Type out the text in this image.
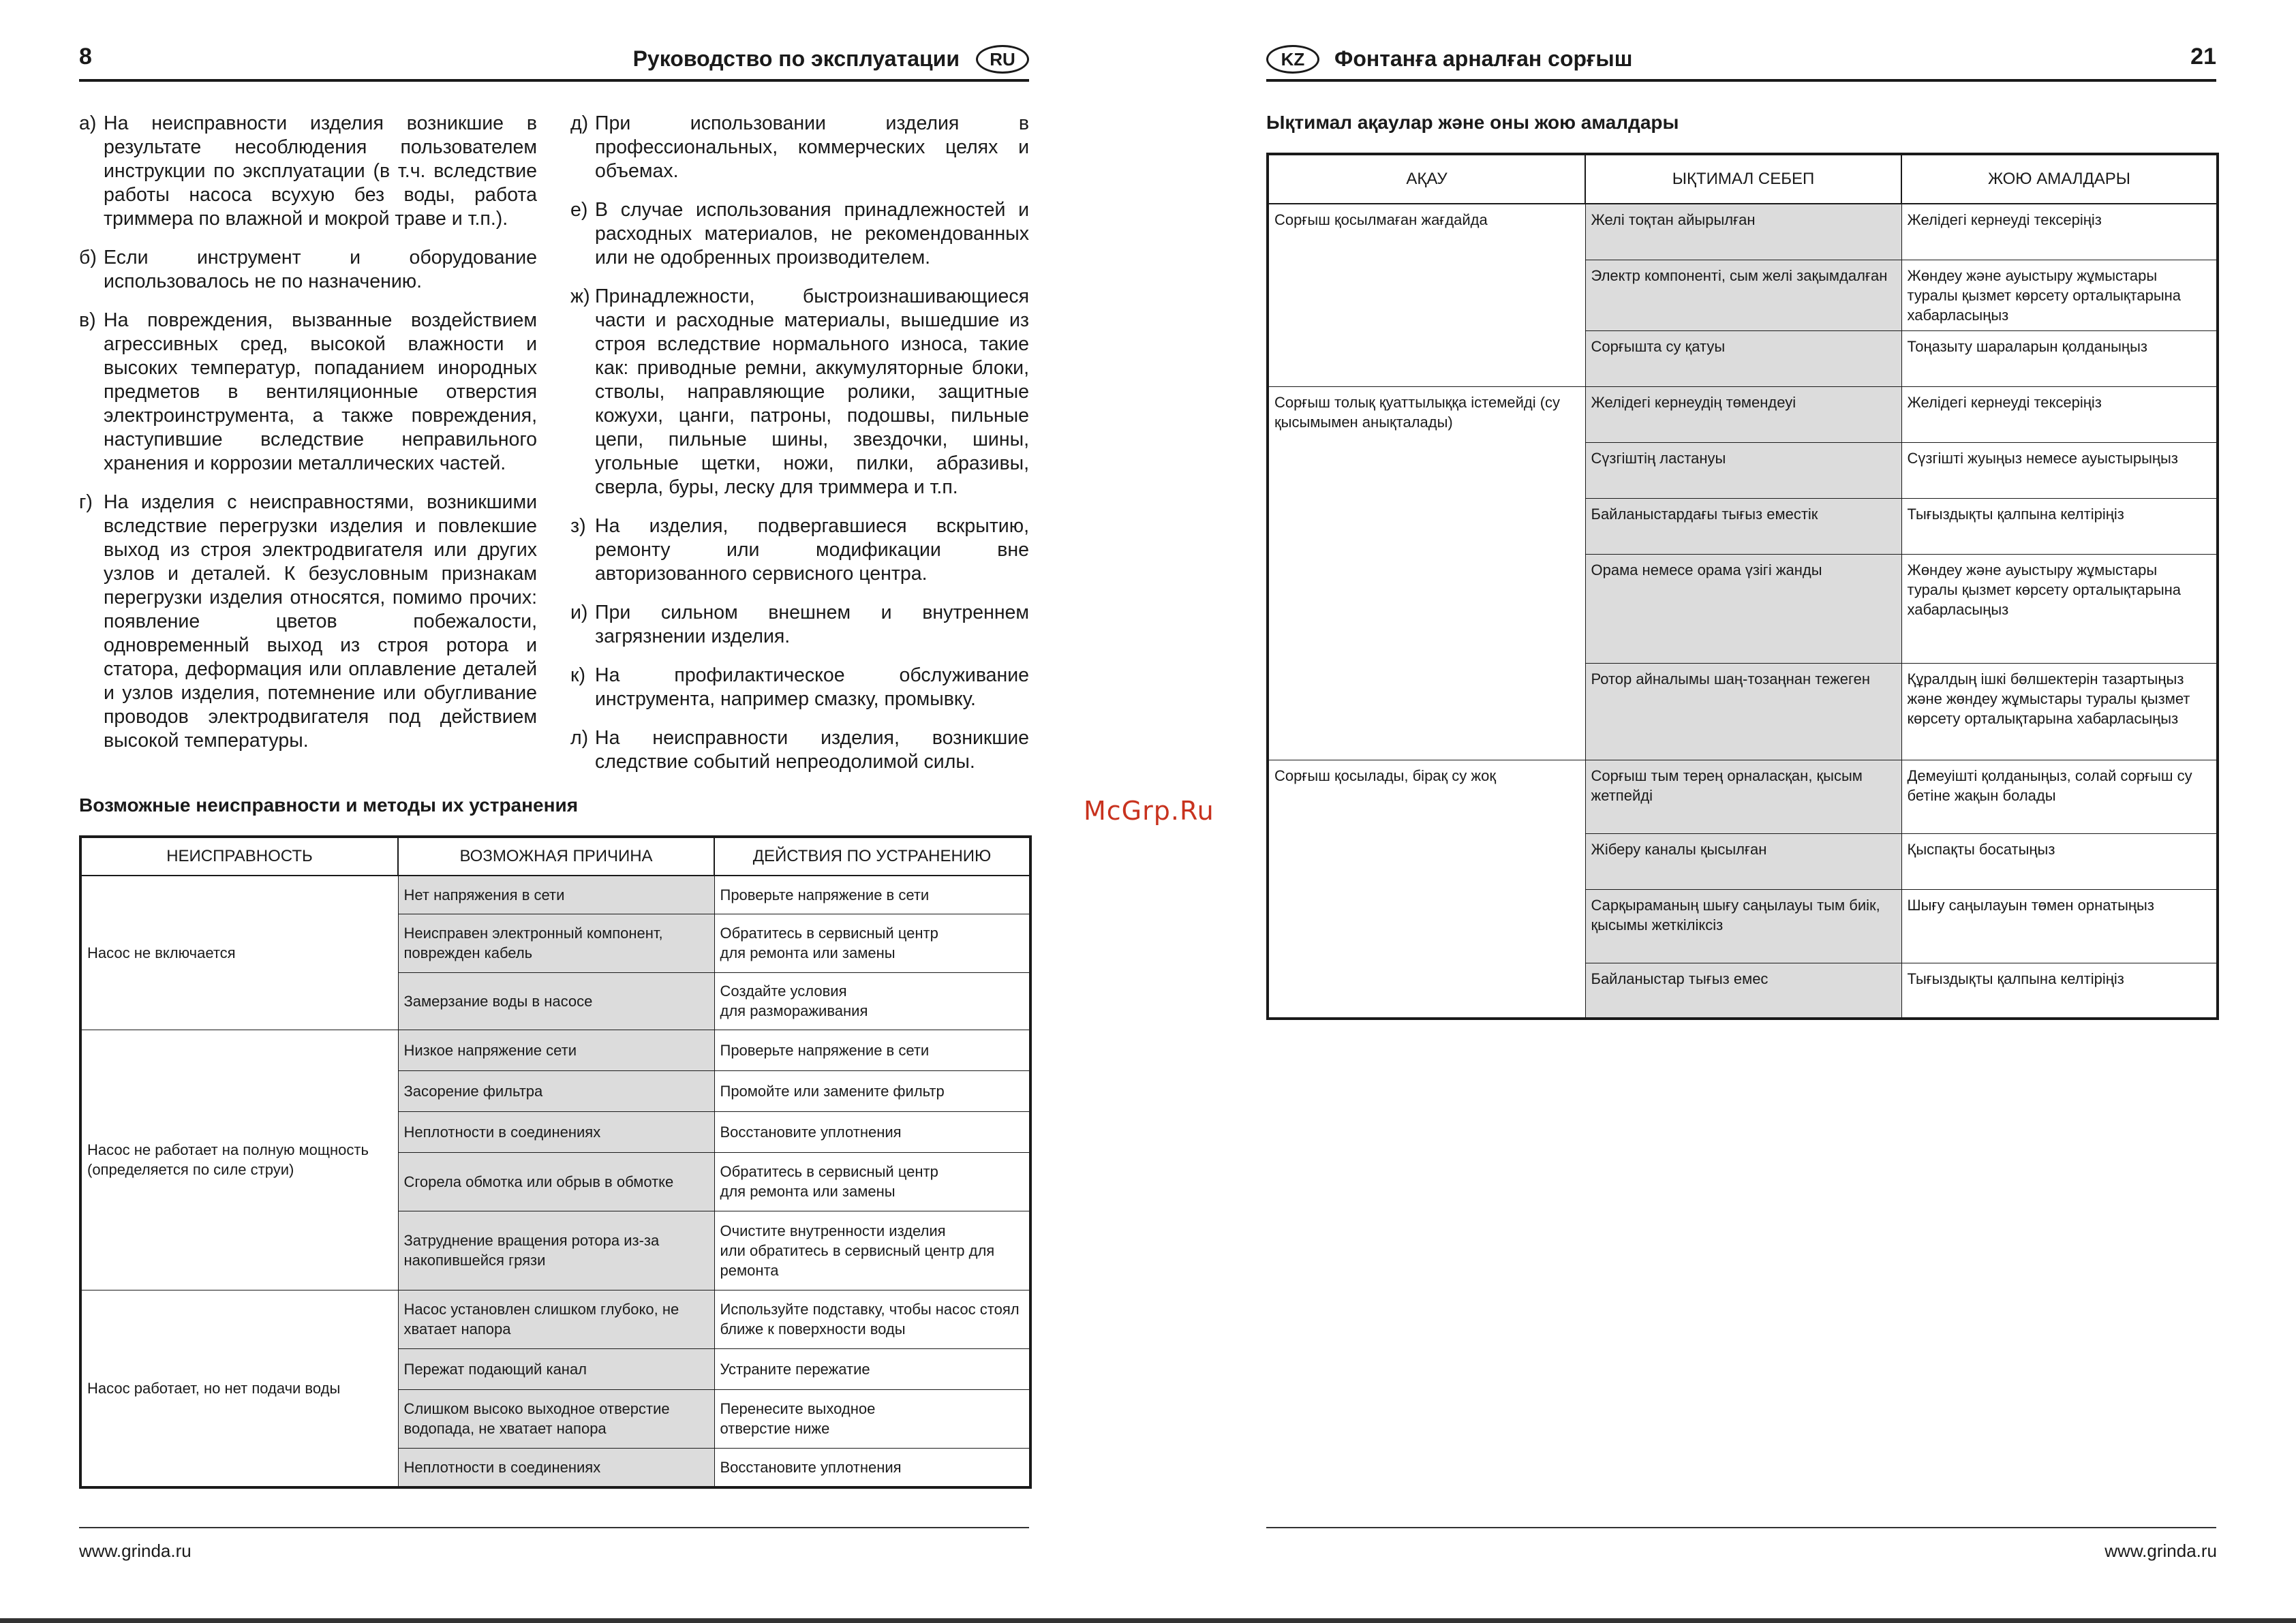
8	Руководство по эксплуатации	RU
а) На неисправности изделия возникшие в результате несоблюдения пользователем инструкции по эксплуатации (в т.ч. вследствие работы насоса всухую без воды, работа триммера по влажной и мокрой траве и т.п.).
б) Если инструмент и оборудование использовалось не по назначению.
в) На повреждения, вызванные воздействием агрессивных сред, высокой влажности и высоких температур, попаданием инородных предметов в вентиляционные отверстия электроинструмента, а также повреждения, наступившие вследствие неправильного хранения и коррозии металлических частей.
г) На изделия с неисправностями, возникшими вследствие перегрузки изделия и повлекшие выход из строя электродвигателя или других узлов и деталей. К безусловным признакам перегрузки изделия относятся, помимо прочих: появление цветов побежалости, одновременный выход из строя ротора и статора, деформация или оплавление деталей и узлов изделия, потемнение или обугливание проводов электродвигателя под действием высокой температуры.
д) При использовании изделия в профессиональных, коммерческих целях и объемах.
е) В случае использования принадлежностей и расходных материалов, не рекомендованных или не одобренных производителем.
ж) Принадлежности, быстроизнашивающиеся части и расходные материалы, вышедшие из строя вследствие нормального износа, такие как: приводные ремни, аккумуляторные блоки, стволы, направляющие ролики, защитные кожухи, цанги, патроны, подошвы, пильные цепи, пильные шины, звездочки, шины, угольные щетки, ножи, пилки, абразивы, сверла, буры, леску для триммера и т.п.
з) На изделия, подвергавшиеся вскрытию, ремонту или модификации вне авторизованного сервисного центра.
и) При сильном внешнем и внутреннем загрязнении изделия.
к) На профилактическое обслуживание инструмента, например смазку, промывку.
л) На неисправности изделия, возникшие следствие событий непреодолимой силы.
Возможные неисправности и методы их устранения
НЕИСПРАВНОСТЬ	ВОЗМОЖНАЯ ПРИЧИНА	ДЕЙСТВИЯ ПО УСТРАНЕНИЮ
Насос не включается	Нет напряжения в сети	Проверьте напряжение в сети
	Неисправен электронный компонент, поврежден кабель	Обратитесь в сервисный центр
для ремонта или замены
	Замерзание воды в насосе	Создайте условия
для размораживания
Насос не работает на полную мощность (определяется по силе струи)	Низкое напряжение сети	Проверьте напряжение в сети
	Засорение фильтра	Промойте или замените фильтр
	Неплотности в соединениях	Восстановите уплотнения
	Сгорела обмотка или обрыв в обмотке	Обратитесь в сервисный центр
для ремонта или замены
	Затруднение вращения ротора из-за накопившейся грязи	Очистите внутренности изделия
или обратитесь в сервисный центр для ремонта
Насос работает, но нет подачи воды	Насос установлен слишком глубоко, не хватает напора	Используйте подставку, чтобы насос стоял ближе к поверхности воды
	Пережат подающий канал	Устраните пережатие
	Слишком высоко выходное отверстие водопада, не хватает напора	Перенесите выходное
отверстие ниже
	Неплотности в соединениях	Восстановите уплотнения
www.grinda.ru
KZ	Фонтанға арналған сорғыш	21
Ықтимал ақаулар және оны жою амалдары
АҚАУ	ЫҚТИМАЛ СЕБЕП	ЖОЮ АМАЛДАРЫ
Сорғыш қосылмаған жағдайда	Желі тоқтан айырылған	Желідегі кернеуді тексеріңіз
	Электр компоненті, сым желі зақымдалған	Жөндеу және ауыстыру жұмыстары туралы қызмет көрсету орталықтарына хабарласыңыз
	Сорғышта су қатуы	Тоңазыту шараларын қолданыңыз
Сорғыш толық қуаттылыққа істемейді (су қысымымен анықталады)	Желідегі кернеудің төмендеуі	Желідегі кернеуді тексеріңіз
	Сүзгіштің ластануы	Сүзгішті жуыңыз немесе ауыстырыңыз
	Байланыстардағы тығыз еместік	Тығыздықты қалпына келтіріңіз
	Орама немесе орама үзігі жанды	Жөндеу және ауыстыру жұмыстары туралы қызмет көрсету орталықтарына хабарласыңыз
	Ротор айналымы шаң-тозаңнан тежеген	Құралдың ішкі бөлшектерін тазартыңыз және жөндеу жұмыстары туралы қызмет көрсету орталықтарына хабарласыңыз
Сорғыш қосылады, бірақ су жоқ	Сорғыш тым терең орналасқан, қысым жетпейді	Демеуішті қолданыңыз, солай сорғыш су бетіне жақын болады
	Жіберу каналы қысылған	Қыспақты босатыңыз
	Сарқыраманың шығу саңылауы тым биік, қысымы жеткіліксіз	Шығу саңылауын төмен орнатыңыз
	Байланыстар тығыз емес	Тығыздықты қалпына келтіріңіз
www.grinda.ru
McGrp.Ru
